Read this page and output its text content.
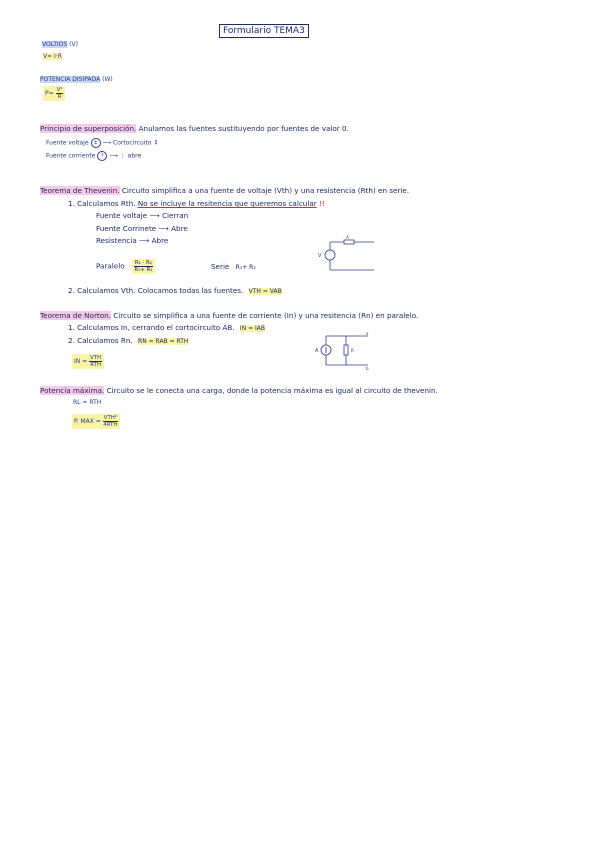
Formulario TEMA3
VOLTIOS (V)
V= I·R
POTENCIA DISIPADA (W)
$P= \frac{\text{V²}}{R}$
Principio de superposición. Anulamos las fuentes sustituyendo por fuentes de valor 0.
Fuente voltaje ± ⟶ Cortocircuito ↕
Fuente corriente ↑ ⟶ ⋮ abre
Teorema de Thevenin. Circuito simplifica a una fuente de voltaje (Vth) y una resistencia (Rth) en serie.
1. Calculamos Rth. No se incluye la resitencia que queremos calcular !!
Fuente voltaje ⟶ Cierran
Fuente Corrinete ⟶ Abre
Resistencia ⟶ Abre
Paralelo $\frac{\text{R₁ · R₂}}{\text{R₁+ R₂}}$	Serie R₁+ R₂
2. Calculamos Vth. Colocamos todas las fuentes. VTH = VAB
V
A
Teorema de Norton. Circuito se simplifica a una fuente de corriente (In) y una resitencia (Rn) en paralelo.
1. Calculamos In, cerrando el cortocircuito AB. IN = IAB
2. Calculamos Rn. RN = RAB = RTH
IN = $\frac{\text{VTH}}{\text{RTH}}$
A	R
a
b
Potencia máxima. Circuito se le conecta una carga, donde la potencia máxima es igual al circuito de thevenin.
RL = RTH
P. MAX = $\frac{\text{VTH²}}{\text{4RTH}}$
